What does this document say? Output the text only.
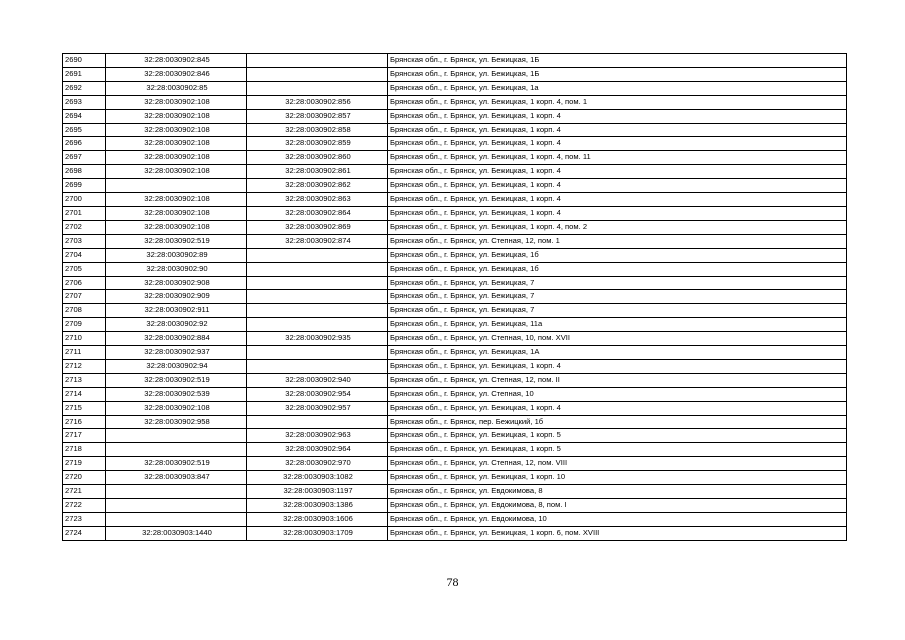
2690	32:28:0030902:845		Брянская обл., г. Брянск, ул. Бежицкая, 1Б
2691	32:28:0030902:846		Брянская обл., г. Брянск, ул. Бежицкая, 1Б
2692	32:28:0030902:85		Брянская обл., г. Брянск, ул. Бежицкая, 1а
2693	32:28:0030902:108	32:28:0030902:856	Брянская обл., г. Брянск, ул. Бежицкая, 1 корп. 4, пом. 1
2694	32:28:0030902:108	32:28:0030902:857	Брянская обл., г. Брянск, ул. Бежицкая, 1 корп. 4
2695	32:28:0030902:108	32:28:0030902:858	Брянская обл., г. Брянск, ул. Бежицкая, 1 корп. 4
2696	32:28:0030902:108	32:28:0030902:859	Брянская обл., г. Брянск, ул. Бежицкая, 1 корп. 4
2697	32:28:0030902:108	32:28:0030902:860	Брянская обл., г. Брянск, ул. Бежицкая, 1 корп. 4, пом. 11
2698	32:28:0030902:108	32:28:0030902:861	Брянская обл., г. Брянск, ул. Бежицкая, 1 корп. 4
2699		32:28:0030902:862	Брянская обл., г. Брянск, ул. Бежицкая, 1 корп. 4
2700	32:28:0030902:108	32:28:0030902:863	Брянская обл., г. Брянск, ул. Бежицкая, 1 корп. 4
2701	32:28:0030902:108	32:28:0030902:864	Брянская обл., г. Брянск, ул. Бежицкая, 1 корп. 4
2702	32:28:0030902:108	32:28:0030902:869	Брянская обл., г. Брянск, ул. Бежицкая, 1 корп. 4, пом. 2
2703	32:28:0030902:519	32:28:0030902:874	Брянская обл., г. Брянск, ул. Степная, 12, пом. 1
2704	32:28:0030902:89		Брянская обл., г. Брянск, ул. Бежицкая, 1б
2705	32:28:0030902:90		Брянская обл., г. Брянск, ул. Бежицкая, 1б
2706	32:28:0030902:908		Брянская обл., г. Брянск, ул. Бежицкая, 7
2707	32:28:0030902:909		Брянская обл., г. Брянск, ул. Бежицкая, 7
2708	32:28:0030902:911		Брянская обл., г. Брянск, ул. Бежицкая, 7
2709	32:28:0030902:92		Брянская обл., г. Брянск, ул. Бежицкая, 11а
2710	32:28:0030902:884	32:28:0030902:935	Брянская обл., г. Брянск, ул. Степная, 10, пом. XVII
2711	32:28:0030902:937		Брянская обл., г. Брянск, ул. Бежицкая, 1А
2712	32:28:0030902:94		Брянская обл., г. Брянск, ул. Бежицкая, 1 корп. 4
2713	32:28:0030902:519	32:28:0030902:940	Брянская обл., г. Брянск, ул. Степная, 12, пом. II
2714	32:28:0030902:539	32:28:0030902:954	Брянская обл., г. Брянск, ул. Степная, 10
2715	32:28:0030902:108	32:28:0030902:957	Брянская обл., г. Брянск, ул. Бежицкая, 1 корп. 4
2716	32:28:0030902:958		Брянская обл., г. Брянск, пер. Бежицкий, 1б
2717		32:28:0030902:963	Брянская обл., г. Брянск, ул. Бежицкая, 1 корп. 5
2718		32:28:0030902:964	Брянская обл., г. Брянск, ул. Бежицкая, 1 корп. 5
2719	32:28:0030902:519	32:28:0030902:970	Брянская обл., г. Брянск, ул. Степная, 12, пом. VIII
2720	32:28:0030903:847	32:28:0030903:1082	Брянская обл., г. Брянск, ул. Бежицкая, 1 корп. 10
2721		32:28:0030903:1197	Брянская обл., г. Брянск, ул. Евдокимова, 8
2722		32:28:0030903:1386	Брянская обл., г. Брянск, ул. Евдокимова, 8, пом. I
2723		32:28:0030903:1606	Брянская обл., г. Брянск, ул. Евдокимова, 10
2724	32:28:0030903:1440	32:28:0030903:1709	Брянская обл., г. Брянск, ул. Бежицкая, 1 корп. 6, пом. XVIII
78
